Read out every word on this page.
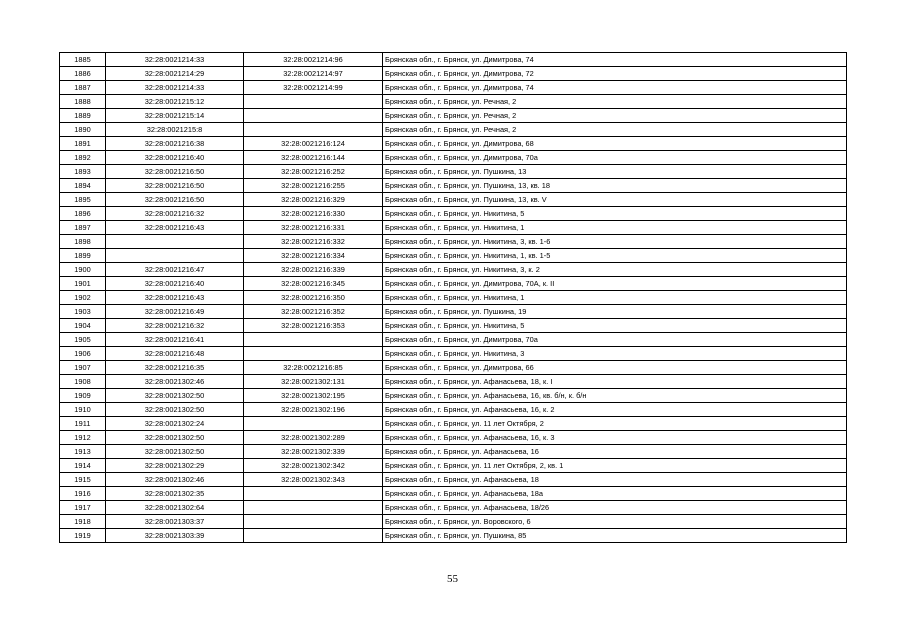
1885	32:28:0021214:33	32:28:0021214:96	Брянская обл., г. Брянск, ул. Димитрова, 74
1886	32:28:0021214:29	32:28:0021214:97	Брянская обл., г. Брянск, ул. Димитрова, 72
1887	32:28:0021214:33	32:28:0021214:99	Брянская обл., г. Брянск, ул. Димитрова, 74
1888	32:28:0021215:12		Брянская обл., г. Брянск, ул. Речная, 2
1889	32:28:0021215:14		Брянская обл., г. Брянск, ул. Речная, 2
1890	32:28:0021215:8		Брянская обл., г. Брянск, ул. Речная, 2
1891	32:28:0021216:38	32:28:0021216:124	Брянская обл., г. Брянск, ул. Димитрова, 68
1892	32:28:0021216:40	32:28:0021216:144	Брянская обл., г. Брянск, ул. Димитрова, 70а
1893	32:28:0021216:50	32:28:0021216:252	Брянская обл., г. Брянск, ул. Пушкина, 13
1894	32:28:0021216:50	32:28:0021216:255	Брянская обл., г. Брянск, ул. Пушкина, 13, кв. 18
1895	32:28:0021216:50	32:28:0021216:329	Брянская обл., г. Брянск, ул. Пушкина, 13, кв. V
1896	32:28:0021216:32	32:28:0021216:330	Брянская обл., г. Брянск, ул. Никитина, 5
1897	32:28:0021216:43	32:28:0021216:331	Брянская обл., г. Брянск, ул. Никитина, 1
1898		32:28:0021216:332	Брянская обл., г. Брянск, ул. Никитина, 3, кв. 1-6
1899		32:28:0021216:334	Брянская обл., г. Брянск, ул. Никитина, 1, кв. 1-5
1900	32:28:0021216:47	32:28:0021216:339	Брянская обл., г. Брянск, ул. Никитина, 3, к. 2
1901	32:28:0021216:40	32:28:0021216:345	Брянская обл., г. Брянск, ул. Димитрова, 70А, к. II
1902	32:28:0021216:43	32:28:0021216:350	Брянская обл., г. Брянск, ул. Никитина, 1
1903	32:28:0021216:49	32:28:0021216:352	Брянская обл., г. Брянск, ул. Пушкина, 19
1904	32:28:0021216:32	32:28:0021216:353	Брянская обл., г. Брянск, ул. Никитина, 5
1905	32:28:0021216:41		Брянская обл., г. Брянск, ул. Димитрова, 70а
1906	32:28:0021216:48		Брянская обл., г. Брянск, ул. Никитина, 3
1907	32:28:0021216:35	32:28:0021216:85	Брянская обл., г. Брянск, ул. Димитрова, 66
1908	32:28:0021302:46	32:28:0021302:131	Брянская обл., г. Брянск, ул. Афанасьева, 18, к. I
1909	32:28:0021302:50	32:28:0021302:195	Брянская обл., г. Брянск, ул. Афанасьева, 16, кв. б/н, к. б/н
1910	32:28:0021302:50	32:28:0021302:196	Брянская обл., г. Брянск, ул. Афанасьева, 16, к. 2
1911	32:28:0021302:24		Брянская обл., г. Брянск, ул. 11 лет Октября, 2
1912	32:28:0021302:50	32:28:0021302:289	Брянская обл., г. Брянск, ул. Афанасьева, 16, к. 3
1913	32:28:0021302:50	32:28:0021302:339	Брянская обл., г. Брянск, ул. Афанасьева, 16
1914	32:28:0021302:29	32:28:0021302:342	Брянская обл., г. Брянск, ул. 11 лет Октября, 2, кв. 1
1915	32:28:0021302:46	32:28:0021302:343	Брянская обл., г. Брянск, ул. Афанасьева, 18
1916	32:28:0021302:35		Брянская обл., г. Брянск, ул. Афанасьева, 18а
1917	32:28:0021302:64		Брянская обл., г. Брянск, ул. Афанасьева, 18/26
1918	32:28:0021303:37		Брянская обл., г. Брянск, ул. Воровского, 6
1919	32:28:0021303:39		Брянская обл., г. Брянск, ул. Пушкина, 85
55
